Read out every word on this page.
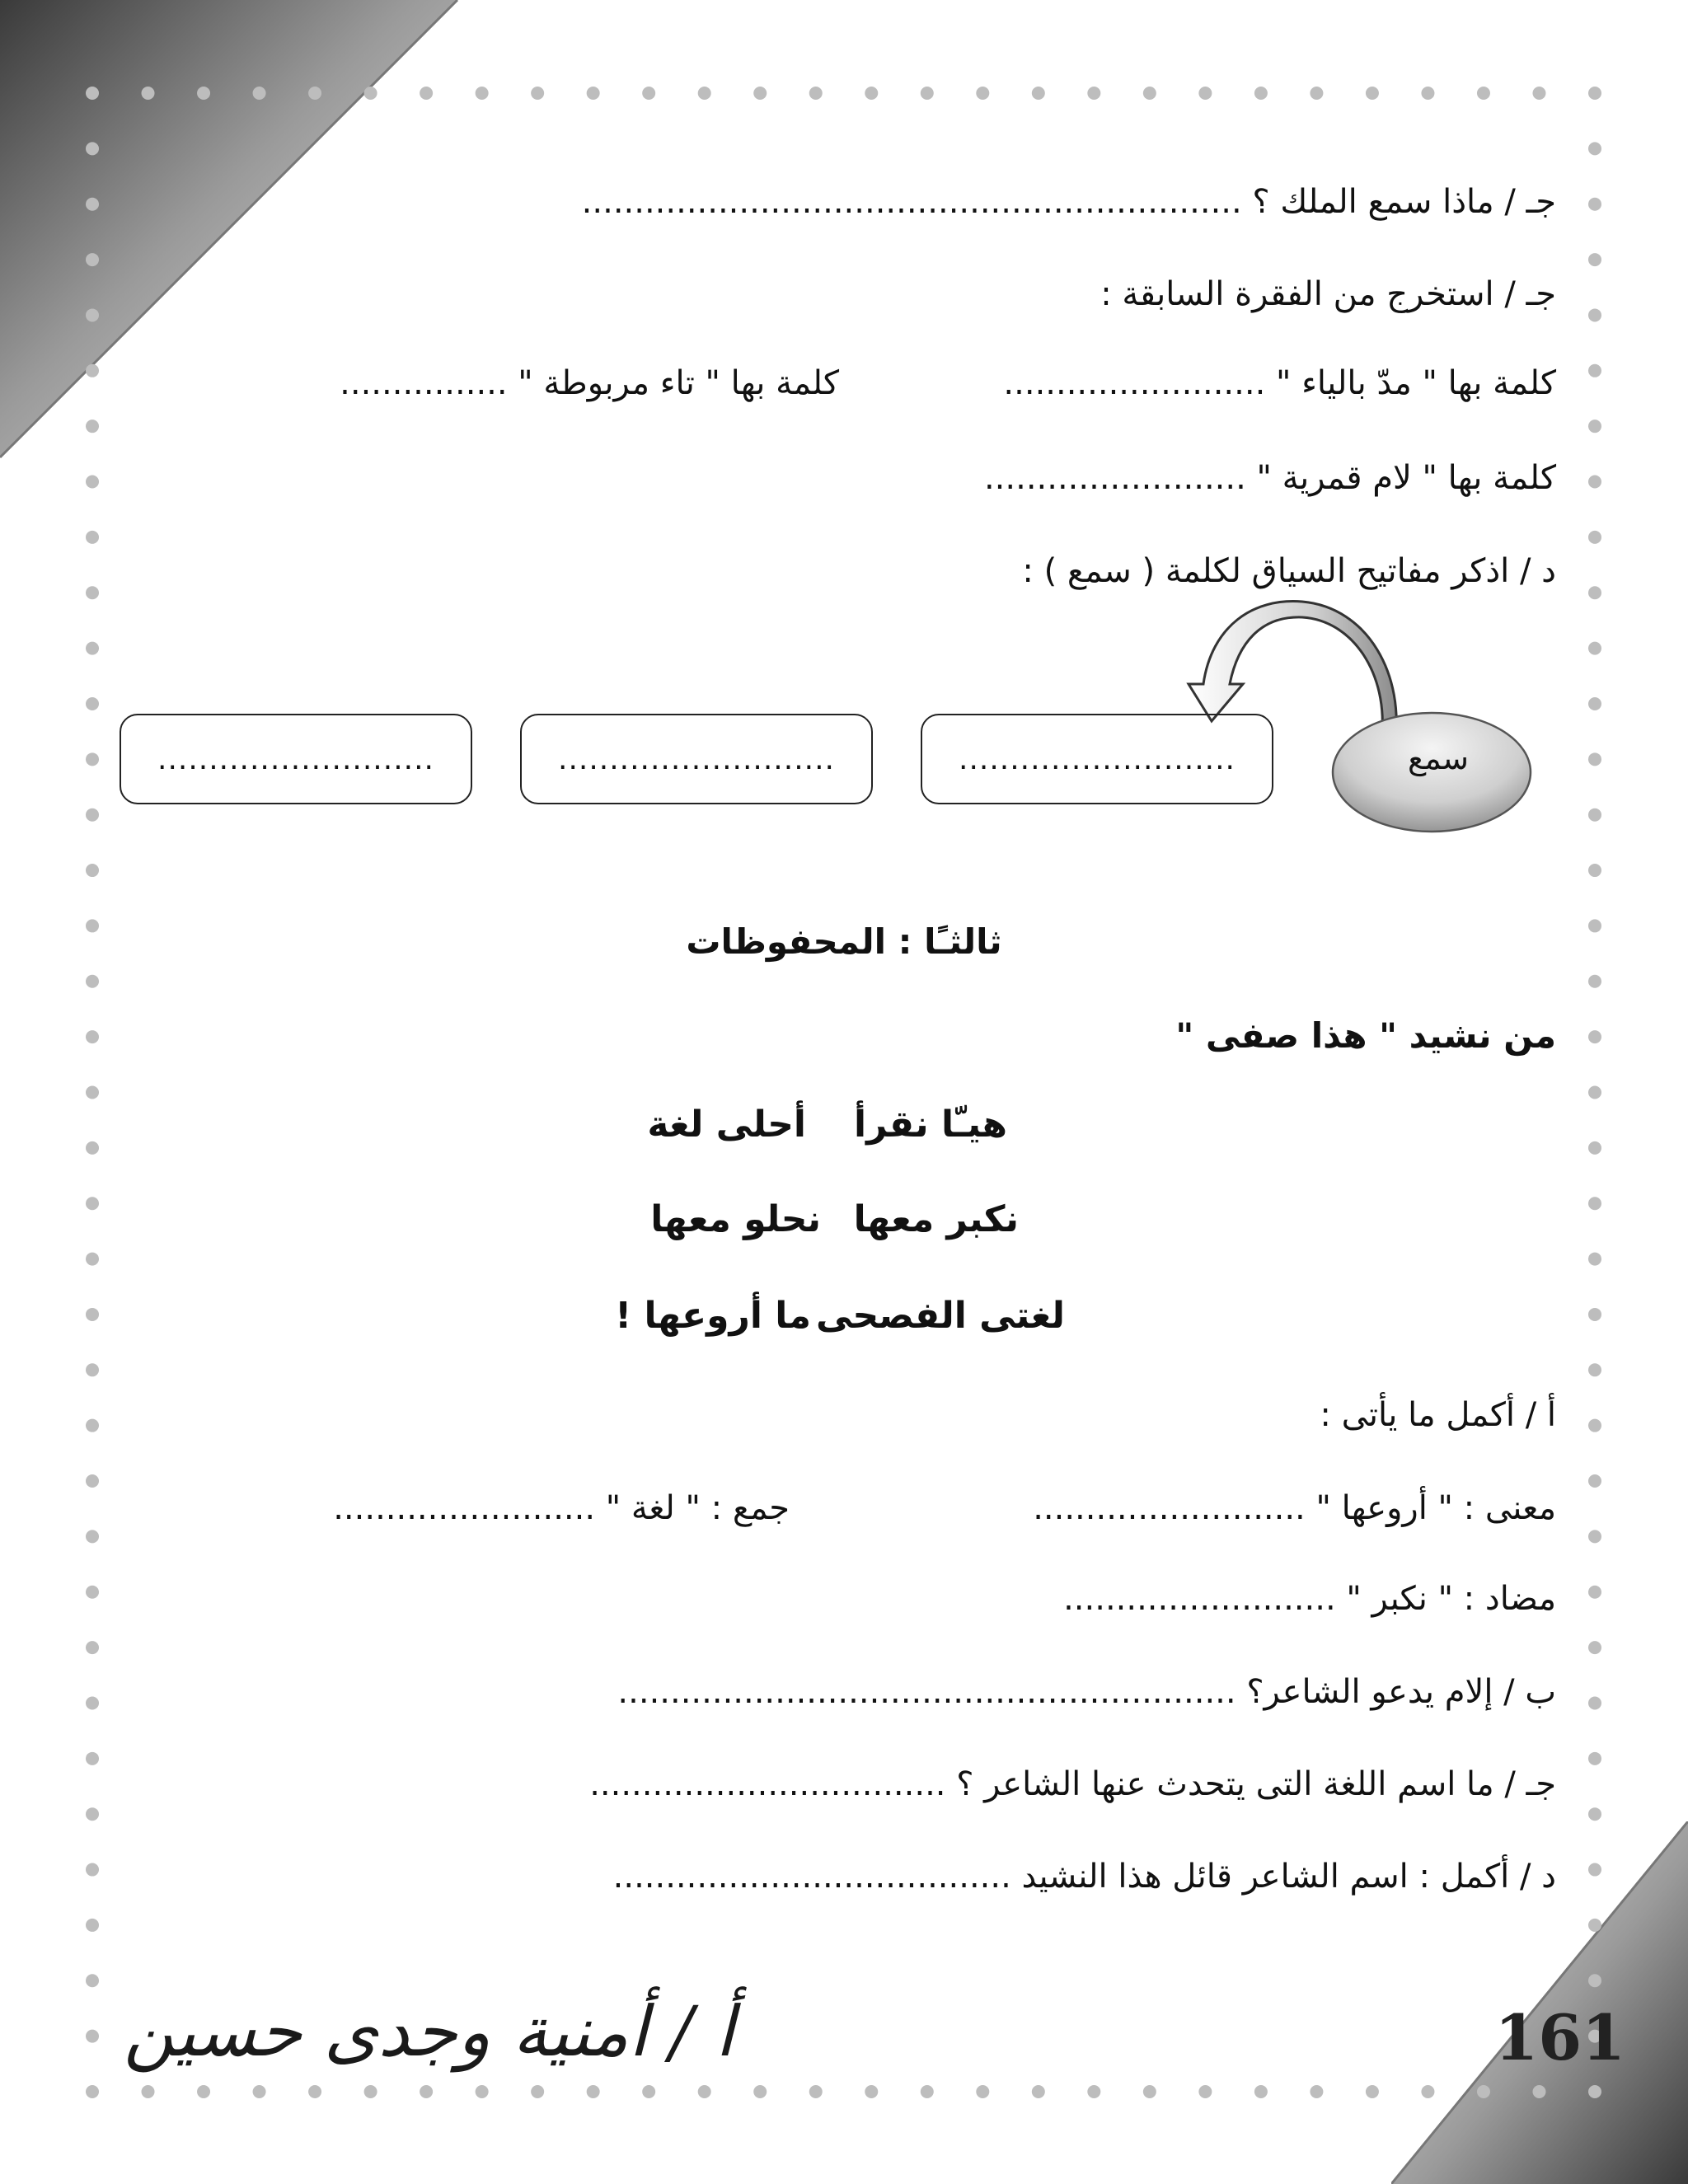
جـ / ماذا سمع الملك ؟ ...............................................................
جـ / استخرج من الفقرة السابقة :
كلمة بها " مدّ بالياء " .........................
كلمة بها " تاء مربوطة " ................
كلمة بها " لام قمرية " .........................
د / اذكر مفاتيح السياق لكلمة ( سمع ) :
سمع
...........................
...........................
...........................
ثالثـًا : المحفوظات
من نشيد " هذا صفى "
هيـّا نقرأ
أحلى لغة
نكبر معها
نحلو معها
لغتى الفصحى
ما أروعها !
أ / أكمل ما يأتى :
معنى : " أروعها " ..........................
جمع : " لغة " .........................
مضاد : " نكبر " ..........................
ب / إلام يدعو الشاعر؟ ...........................................................
جـ / ما اسم اللغة التى يتحدث عنها الشاعر ؟ ..................................
د / أكمل : اسم الشاعر قائل هذا النشيد ......................................
أ / أمنية وجدى حسين	161
